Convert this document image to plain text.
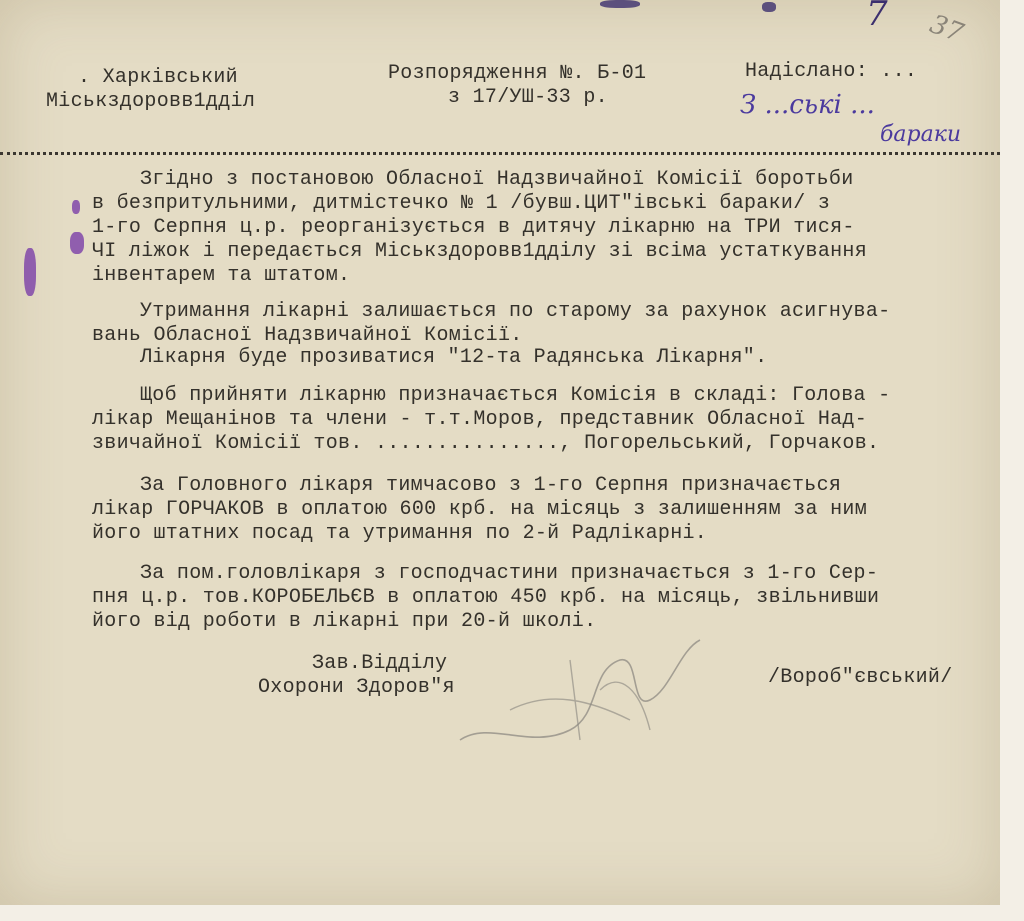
. Харківський
Міськздоровв1дділ
Розпорядження №. Б-01
з 17/УШ-33 р.
Надіслано: ...
7 37
З ...ські ...
бараки
Згідно з постановою Обласної Надзвичайної Комісії боротьби
в безпритульними, дитмістечко № 1 /бувш.ЦИТ"івські бараки/ з
1-го Серпня ц.р. реорганізується в дитячу лікарню на ТРИ тися-
ЧІ ліжок і передається Міськздоровв1дділу зі всіма устаткування
інвентарем та штатом.
Утримання лікарні залишається по старому за рахунок асигнува-
вань Обласної Надзвичайної Комісії.
Лікарня буде прозиватися "12-та Радянська Лікарня".
Щоб прийняти лікарню призначається Комісія в складі: Голова -
лікар Мещанінов та члени - т.т.Моров, представник Обласної Над-
звичайної Комісії тов. ..............., Погорельський, Горчаков.
За Головного лікаря тимчасово з 1-го Серпня призначається
лікар ГОРЧАКОВ в оплатою 600 крб. на місяць з залишенням за ним
його штатних посад та утримання по 2-й Радлікарні.
За пом.головлікаря з господчастини призначається з 1-го Сер-
пня ц.р. тов.КОРОБЕЛЬЄВ в оплатою 450 крб. на місяць, звільнивши
його від роботи в лікарні при 20-й школі.
Зав.Відділу
Охорони Здоров"я	/Вороб"євський/
